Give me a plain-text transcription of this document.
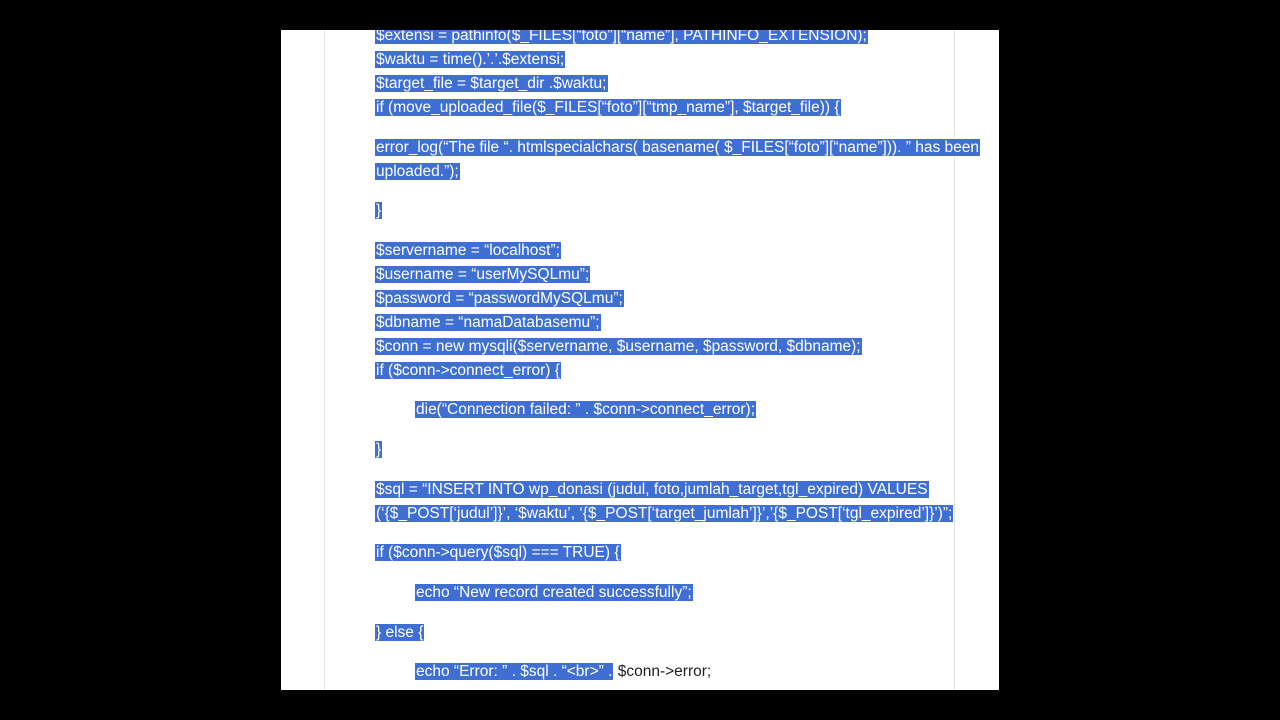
$extensi = pathinfo($_FILES[“foto”][“name”], PATHINFO_EXTENSION);
$waktu = time().’.’.$extensi;
$target_file = $target_dir .$waktu;
if (move_uploaded_file($_FILES[“foto”][“tmp_name”], $target_file)) {
error_log(“The file “. htmlspecialchars( basename( $_FILES[“foto”][“name”])). ” has been
uploaded.”);
}
$servername = “localhost”;
$username = “userMySQLmu”;
$password = “passwordMySQLmu”;
$dbname = “namaDatabasemu”;
$conn = new mysqli($servername, $username, $password, $dbname);
if ($conn->connect_error) {
die(“Connection failed: ” . $conn->connect_error);
}
$sql = “INSERT INTO wp_donasi (judul, foto,jumlah_target,tgl_expired) VALUES
(‘{$_POST[‘judul’]}’, ‘$waktu’, ‘{$_POST[‘target_jumlah’]}’,’{$_POST[‘tgl_expired’]}’)”;
if ($conn->query($sql) === TRUE) {
echo “New record created successfully”;
} else {
echo “Error: ” . $sql . “<br>” . $conn->error;
